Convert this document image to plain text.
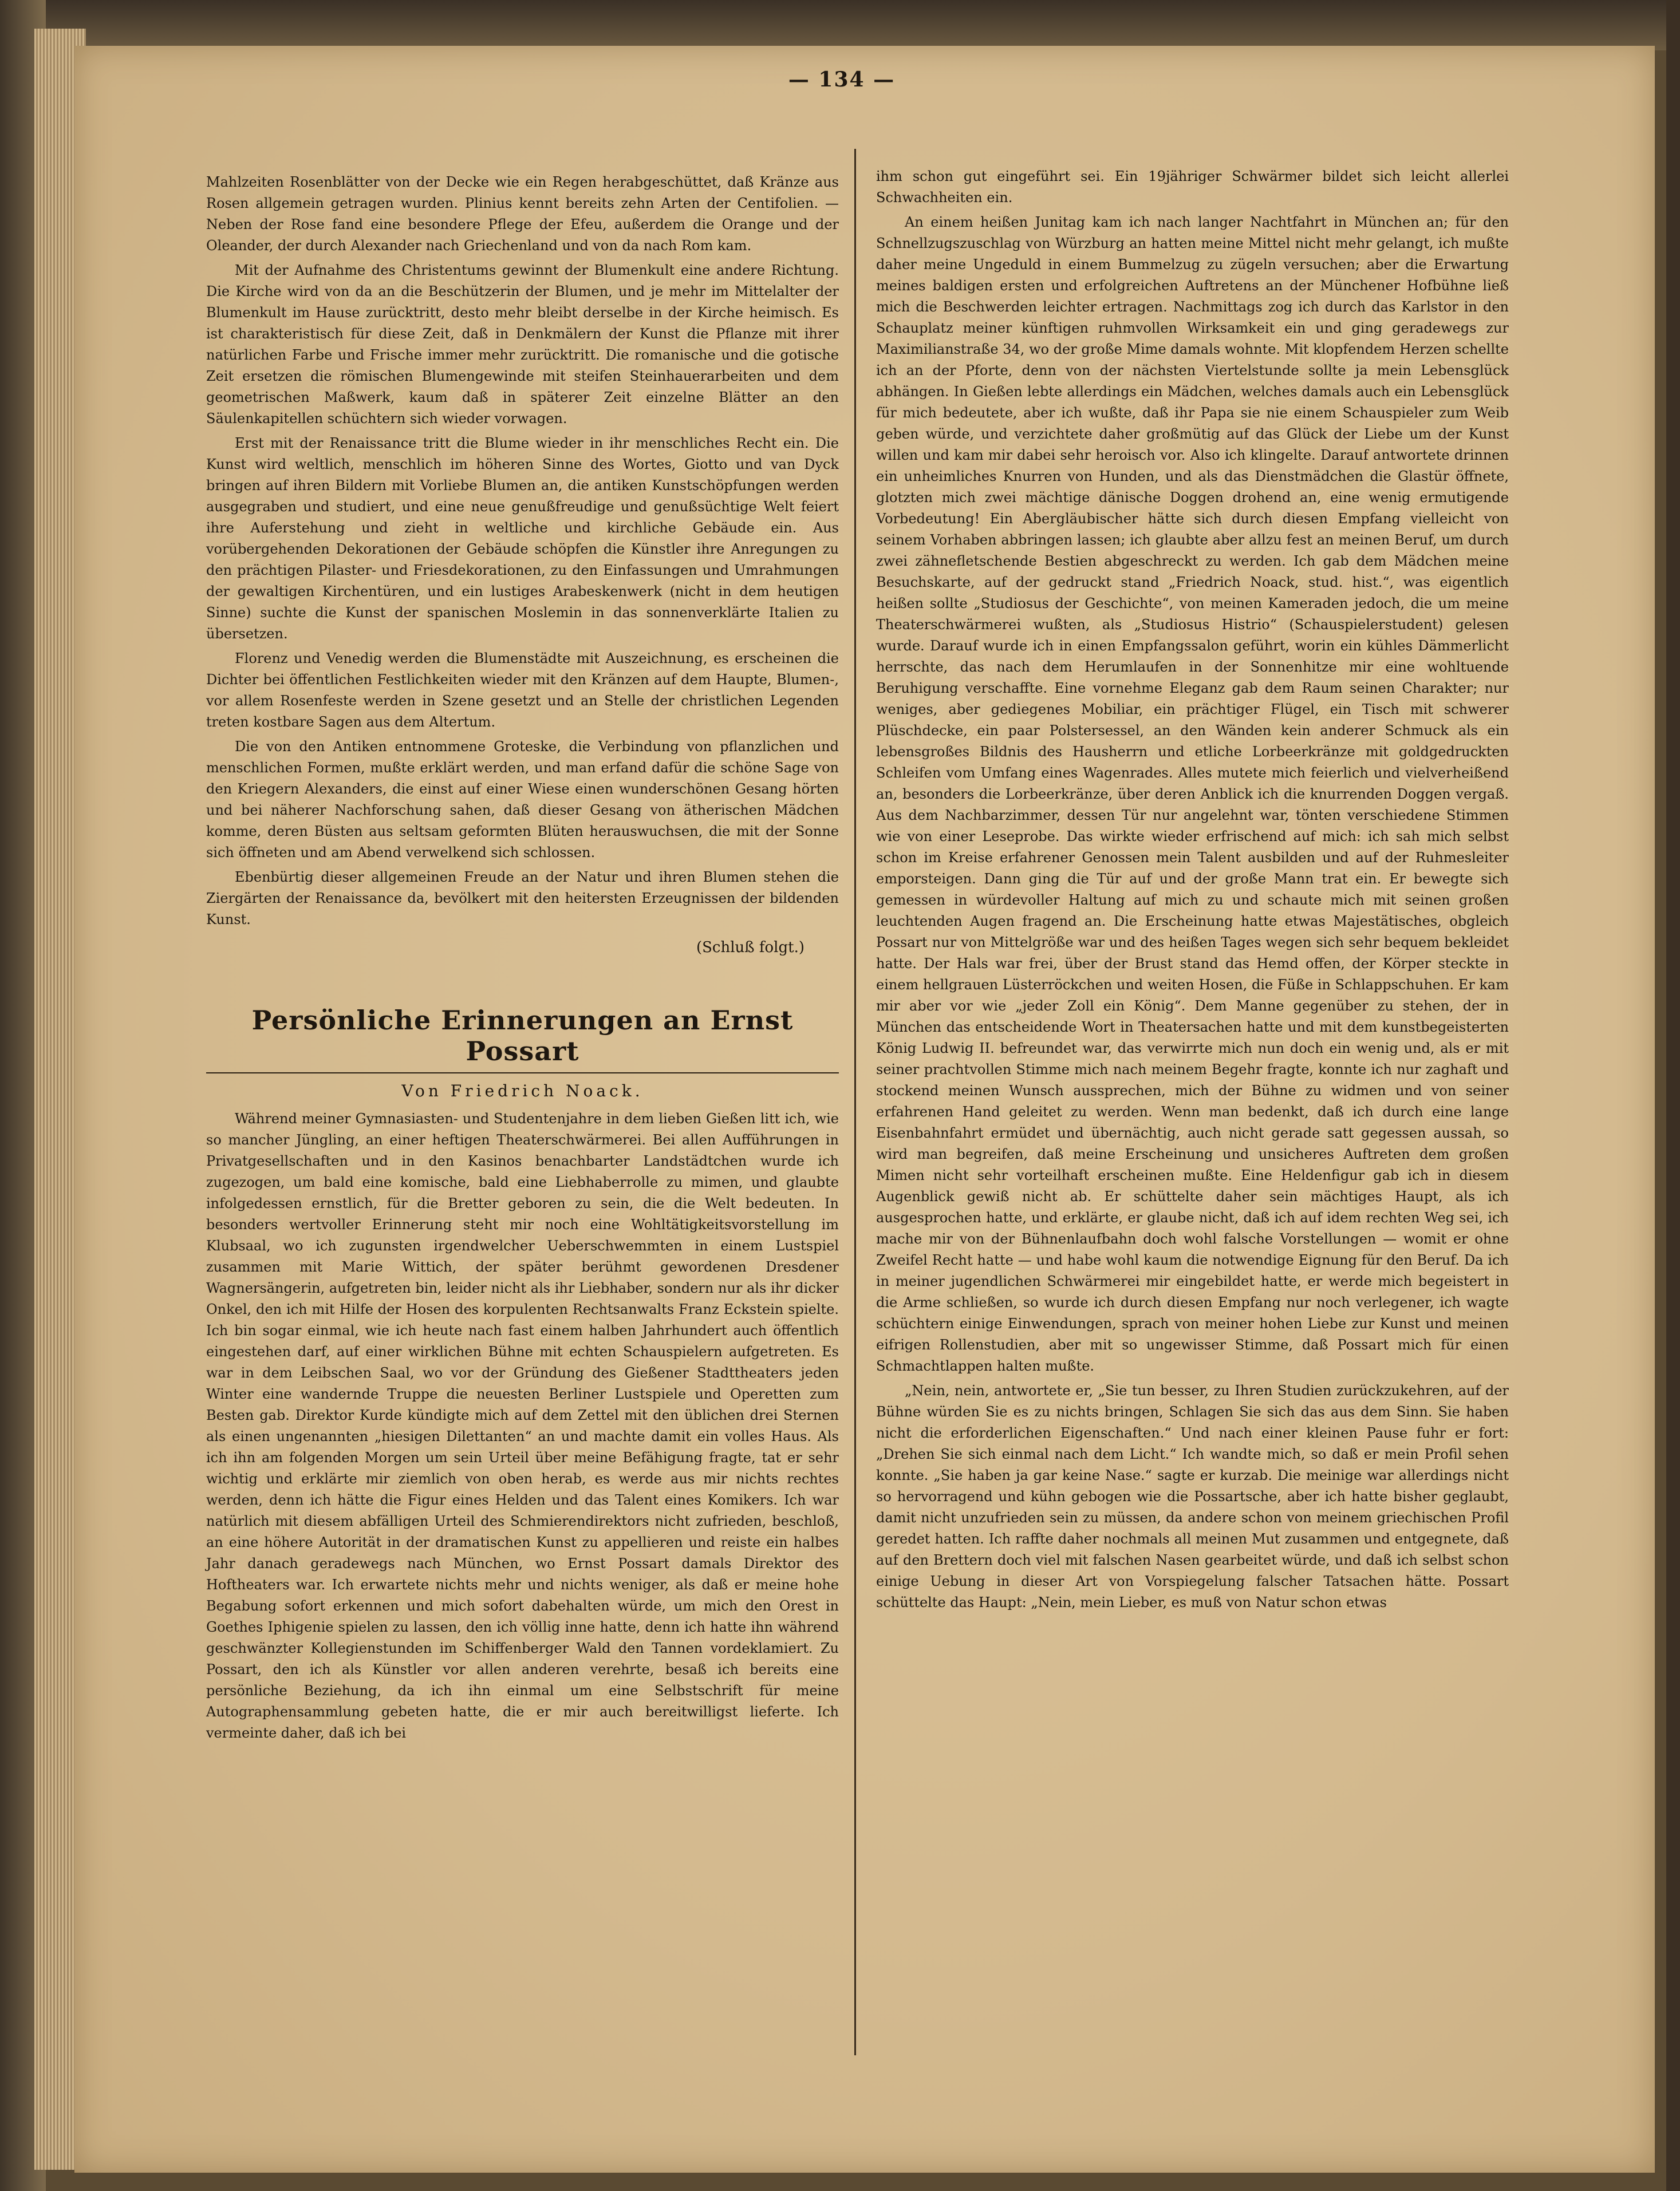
— 134 —

Mahlzeiten Rosenblätter von der Decke wie ein Regen herabgeschüttet, daß Kränze aus Rosen allgemein getragen wurden. Plinius kennt bereits zehn Arten der Centifolien. — Neben der Rose fand eine besondere Pflege der Efeu, außerdem die Orange und der Oleander, der durch Alexander nach Griechenland und von da nach Rom kam.

Mit der Aufnahme des Christentums gewinnt der Blumenkult eine andere Richtung. Die Kirche wird von da an die Beschützerin der Blumen, und je mehr im Mittelalter der Blumenkult im Hause zurücktritt, desto mehr bleibt derselbe in der Kirche heimisch. Es ist charakteristisch für diese Zeit, daß in Denkmälern der Kunst die Pflanze mit ihrer natürlichen Farbe und Frische immer mehr zurücktritt. Die romanische und die gotische Zeit ersetzen die römischen Blumengewinde mit steifen Steinhauerarbeiten und dem geometrischen Maßwerk, kaum daß in späterer Zeit einzelne Blätter an den Säulenkapitellen schüchtern sich wieder vorwagen.

Erst mit der Renaissance tritt die Blume wieder in ihr menschliches Recht ein. Die Kunst wird weltlich, menschlich im höheren Sinne des Wortes, Giotto und van Dyck bringen auf ihren Bildern mit Vorliebe Blumen an, die antiken Kunstschöpfungen werden ausgegraben und studiert, und eine neue genußfreudige und genußsüchtige Welt feiert ihre Auferstehung und zieht in weltliche und kirchliche Gebäude ein. Aus vorübergehenden Dekorationen der Gebäude schöpfen die Künstler ihre Anregungen zu den prächtigen Pilaster- und Friesdekorationen, zu den Einfassungen und Umrahmungen der gewaltigen Kirchentüren, und ein lustiges Arabeskenwerk (nicht in dem heutigen Sinne) suchte die Kunst der spanischen Moslemin in das sonnenverklärte Italien zu übersetzen.

Florenz und Venedig werden die Blumenstädte mit Auszeichnung, es erscheinen die Dichter bei öffentlichen Festlichkeiten wieder mit den Kränzen auf dem Haupte, Blumen-, vor allem Rosenfeste werden in Szene gesetzt und an Stelle der christlichen Legenden treten kostbare Sagen aus dem Altertum.

Die von den Antiken entnommene Groteske, die Verbindung von pflanzlichen und menschlichen Formen, mußte erklärt werden, und man erfand dafür die schöne Sage von den Kriegern Alexanders, die einst auf einer Wiese einen wunderschönen Gesang hörten und bei näherer Nachforschung sahen, daß dieser Gesang von ätherischen Mädchen komme, deren Büsten aus seltsam geformten Blüten herauswuchsen, die mit der Sonne sich öffneten und am Abend verwelkend sich schlossen.

Ebenbürtig dieser allgemeinen Freude an der Natur und ihren Blumen stehen die Ziergärten der Renaissance da, bevölkert mit den heitersten Erzeugnissen der bildenden Kunst.

(Schluß folgt.)
Persönliche Erinnerungen an Ernst Possart
Von Friedrich Noack.

Während meiner Gymnasiasten- und Studentenjahre in dem lieben Gießen litt ich, wie so mancher Jüngling, an einer heftigen Theaterschwärmerei. Bei allen Aufführungen in Privatgesellschaften und in den Kasinos benachbarter Landstädtchen wurde ich zugezogen, um bald eine komische, bald eine Liebhaberrolle zu mimen, und glaubte infolgedessen ernstlich, für die Bretter geboren zu sein, die die Welt bedeuten. In besonders wertvoller Erinnerung steht mir noch eine Wohltätigkeitsvorstellung im Klubsaal, wo ich zugunsten irgendwelcher Ueberschwemmten in einem Lustspiel zusammen mit Marie Wittich, der später berühmt gewordenen Dresdener Wagnersängerin, aufgetreten bin, leider nicht als ihr Liebhaber, sondern nur als ihr dicker Onkel, den ich mit Hilfe der Hosen des korpulenten Rechtsanwalts Franz Eckstein spielte. Ich bin sogar einmal, wie ich heute nach fast einem halben Jahrhundert auch öffentlich eingestehen darf, auf einer wirklichen Bühne mit echten Schauspielern aufgetreten. Es war in dem Leibschen Saal, wo vor der Gründung des Gießener Stadttheaters jeden Winter eine wandernde Truppe die neuesten Berliner Lustspiele und Operetten zum Besten gab. Direktor Kurde kündigte mich auf dem Zettel mit den üblichen drei Sternen als einen ungenannten „hiesigen Dilettanten“ an und machte damit ein volles Haus. Als ich ihn am folgenden Morgen um sein Urteil über meine Befähigung fragte, tat er sehr wichtig und erklärte mir ziemlich von oben herab, es werde aus mir nichts rechtes werden, denn ich hätte die Figur eines Helden und das Talent eines Komikers. Ich war natürlich mit diesem abfälligen Urteil des Schmierendirektors nicht zufrieden, beschloß, an eine höhere Autorität in der dramatischen Kunst zu appellieren und reiste ein halbes Jahr danach geradewegs nach München, wo Ernst Possart damals Direktor des Hoftheaters war. Ich erwartete nichts mehr und nichts weniger, als daß er meine hohe Begabung sofort erkennen und mich sofort dabehalten würde, um mich den Orest in Goethes Iphigenie spielen zu lassen, den ich völlig inne hatte, denn ich hatte ihn während geschwänzter Kollegienstunden im Schiffenberger Wald den Tannen vordeklamiert. Zu Possart, den ich als Künstler vor allen anderen verehrte, besaß ich bereits eine persönliche Beziehung, da ich ihn einmal um eine Selbstschrift für meine Autographensammlung gebeten hatte, die er mir auch bereitwilligst lieferte. Ich vermeinte daher, daß ich bei

ihm schon gut eingeführt sei. Ein 19jähriger Schwärmer bildet sich leicht allerlei Schwachheiten ein.

An einem heißen Junitag kam ich nach langer Nachtfahrt in München an; für den Schnellzugszuschlag von Würzburg an hatten meine Mittel nicht mehr gelangt, ich mußte daher meine Ungeduld in einem Bummelzug zu zügeln versuchen; aber die Erwartung meines baldigen ersten und erfolgreichen Auftretens an der Münchener Hofbühne ließ mich die Beschwerden leichter ertragen. Nachmittags zog ich durch das Karlstor in den Schauplatz meiner künftigen ruhmvollen Wirksamkeit ein und ging geradewegs zur Maximilianstraße 34, wo der große Mime damals wohnte. Mit klopfendem Herzen schellte ich an der Pforte, denn von der nächsten Viertelstunde sollte ja mein Lebensglück abhängen. In Gießen lebte allerdings ein Mädchen, welches damals auch ein Lebensglück für mich bedeutete, aber ich wußte, daß ihr Papa sie nie einem Schauspieler zum Weib geben würde, und verzichtete daher großmütig auf das Glück der Liebe um der Kunst willen und kam mir dabei sehr heroisch vor. Also ich klingelte. Darauf antwortete drinnen ein unheimliches Knurren von Hunden, und als das Dienstmädchen die Glastür öffnete, glotzten mich zwei mächtige dänische Doggen drohend an, eine wenig ermutigende Vorbedeutung! Ein Abergläubischer hätte sich durch diesen Empfang vielleicht von seinem Vorhaben abbringen lassen; ich glaubte aber allzu fest an meinen Beruf, um durch zwei zähnefletschende Bestien abgeschreckt zu werden. Ich gab dem Mädchen meine Besuchskarte, auf der gedruckt stand „Friedrich Noack, stud. hist.“, was eigentlich heißen sollte „Studiosus der Geschichte“, von meinen Kameraden jedoch, die um meine Theaterschwärmerei wußten, als „Studiosus Histrio“ (Schauspielerstudent) gelesen wurde. Darauf wurde ich in einen Empfangssalon geführt, worin ein kühles Dämmerlicht herrschte, das nach dem Herumlaufen in der Sonnenhitze mir eine wohltuende Beruhigung verschaffte. Eine vornehme Eleganz gab dem Raum seinen Charakter; nur weniges, aber gediegenes Mobiliar, ein prächtiger Flügel, ein Tisch mit schwerer Plüschdecke, ein paar Polstersessel, an den Wänden kein anderer Schmuck als ein lebensgroßes Bildnis des Hausherrn und etliche Lorbeerkränze mit goldgedruckten Schleifen vom Umfang eines Wagenrades. Alles mutete mich feierlich und vielverheißend an, besonders die Lorbeerkränze, über deren Anblick ich die knurrenden Doggen vergaß. Aus dem Nachbarzimmer, dessen Tür nur angelehnt war, tönten verschiedene Stimmen wie von einer Leseprobe. Das wirkte wieder erfrischend auf mich: ich sah mich selbst schon im Kreise erfahrener Genossen mein Talent ausbilden und auf der Ruhmesleiter emporsteigen. Dann ging die Tür auf und der große Mann trat ein. Er bewegte sich gemessen in würdevoller Haltung auf mich zu und schaute mich mit seinen großen leuchtenden Augen fragend an. Die Erscheinung hatte etwas Majestätisches, obgleich Possart nur von Mittelgröße war und des heißen Tages wegen sich sehr bequem bekleidet hatte. Der Hals war frei, über der Brust stand das Hemd offen, der Körper steckte in einem hellgrauen Lüsterröckchen und weiten Hosen, die Füße in Schlappschuhen. Er kam mir aber vor wie „jeder Zoll ein König“. Dem Manne gegenüber zu stehen, der in München das entscheidende Wort in Theatersachen hatte und mit dem kunstbegeisterten König Ludwig II. befreundet war, das verwirrte mich nun doch ein wenig und, als er mit seiner prachtvollen Stimme mich nach meinem Begehr fragte, konnte ich nur zaghaft und stockend meinen Wunsch aussprechen, mich der Bühne zu widmen und von seiner erfahrenen Hand geleitet zu werden. Wenn man bedenkt, daß ich durch eine lange Eisenbahnfahrt ermüdet und übernächtig, auch nicht gerade satt gegessen aussah, so wird man begreifen, daß meine Erscheinung und unsicheres Auftreten dem großen Mimen nicht sehr vorteilhaft erscheinen mußte. Eine Heldenfigur gab ich in diesem Augenblick gewiß nicht ab. Er schüttelte daher sein mächtiges Haupt, als ich ausgesprochen hatte, und erklärte, er glaube nicht, daß ich auf idem rechten Weg sei, ich mache mir von der Bühnenlaufbahn doch wohl falsche Vorstellungen — womit er ohne Zweifel Recht hatte — und habe wohl kaum die notwendige Eignung für den Beruf. Da ich in meiner jugendlichen Schwärmerei mir eingebildet hatte, er werde mich begeistert in die Arme schließen, so wurde ich durch diesen Empfang nur noch verlegener, ich wagte schüchtern einige Einwendungen, sprach von meiner hohen Liebe zur Kunst und meinen eifrigen Rollenstudien, aber mit so ungewisser Stimme, daß Possart mich für einen Schmachtlappen halten mußte.

„Nein, nein, antwortete er, „Sie tun besser, zu Ihren Studien zurückzukehren, auf der Bühne würden Sie es zu nichts bringen, Schlagen Sie sich das aus dem Sinn. Sie haben nicht die erforderlichen Eigenschaften.“ Und nach einer kleinen Pause fuhr er fort: „Drehen Sie sich einmal nach dem Licht.“ Ich wandte mich, so daß er mein Profil sehen konnte. „Sie haben ja gar keine Nase.“ sagte er kurzab. Die meinige war allerdings nicht so hervorragend und kühn gebogen wie die Possartsche, aber ich hatte bisher geglaubt, damit nicht unzufrieden sein zu müssen, da andere schon von meinem griechischen Profil geredet hatten. Ich raffte daher nochmals all meinen Mut zusammen und entgegnete, daß auf den Brettern doch viel mit falschen Nasen gearbeitet würde, und daß ich selbst schon einige Uebung in dieser Art von Vorspiegelung falscher Tatsachen hätte. Possart schüttelte das Haupt: „Nein, mein Lieber, es muß von Natur schon etwas
